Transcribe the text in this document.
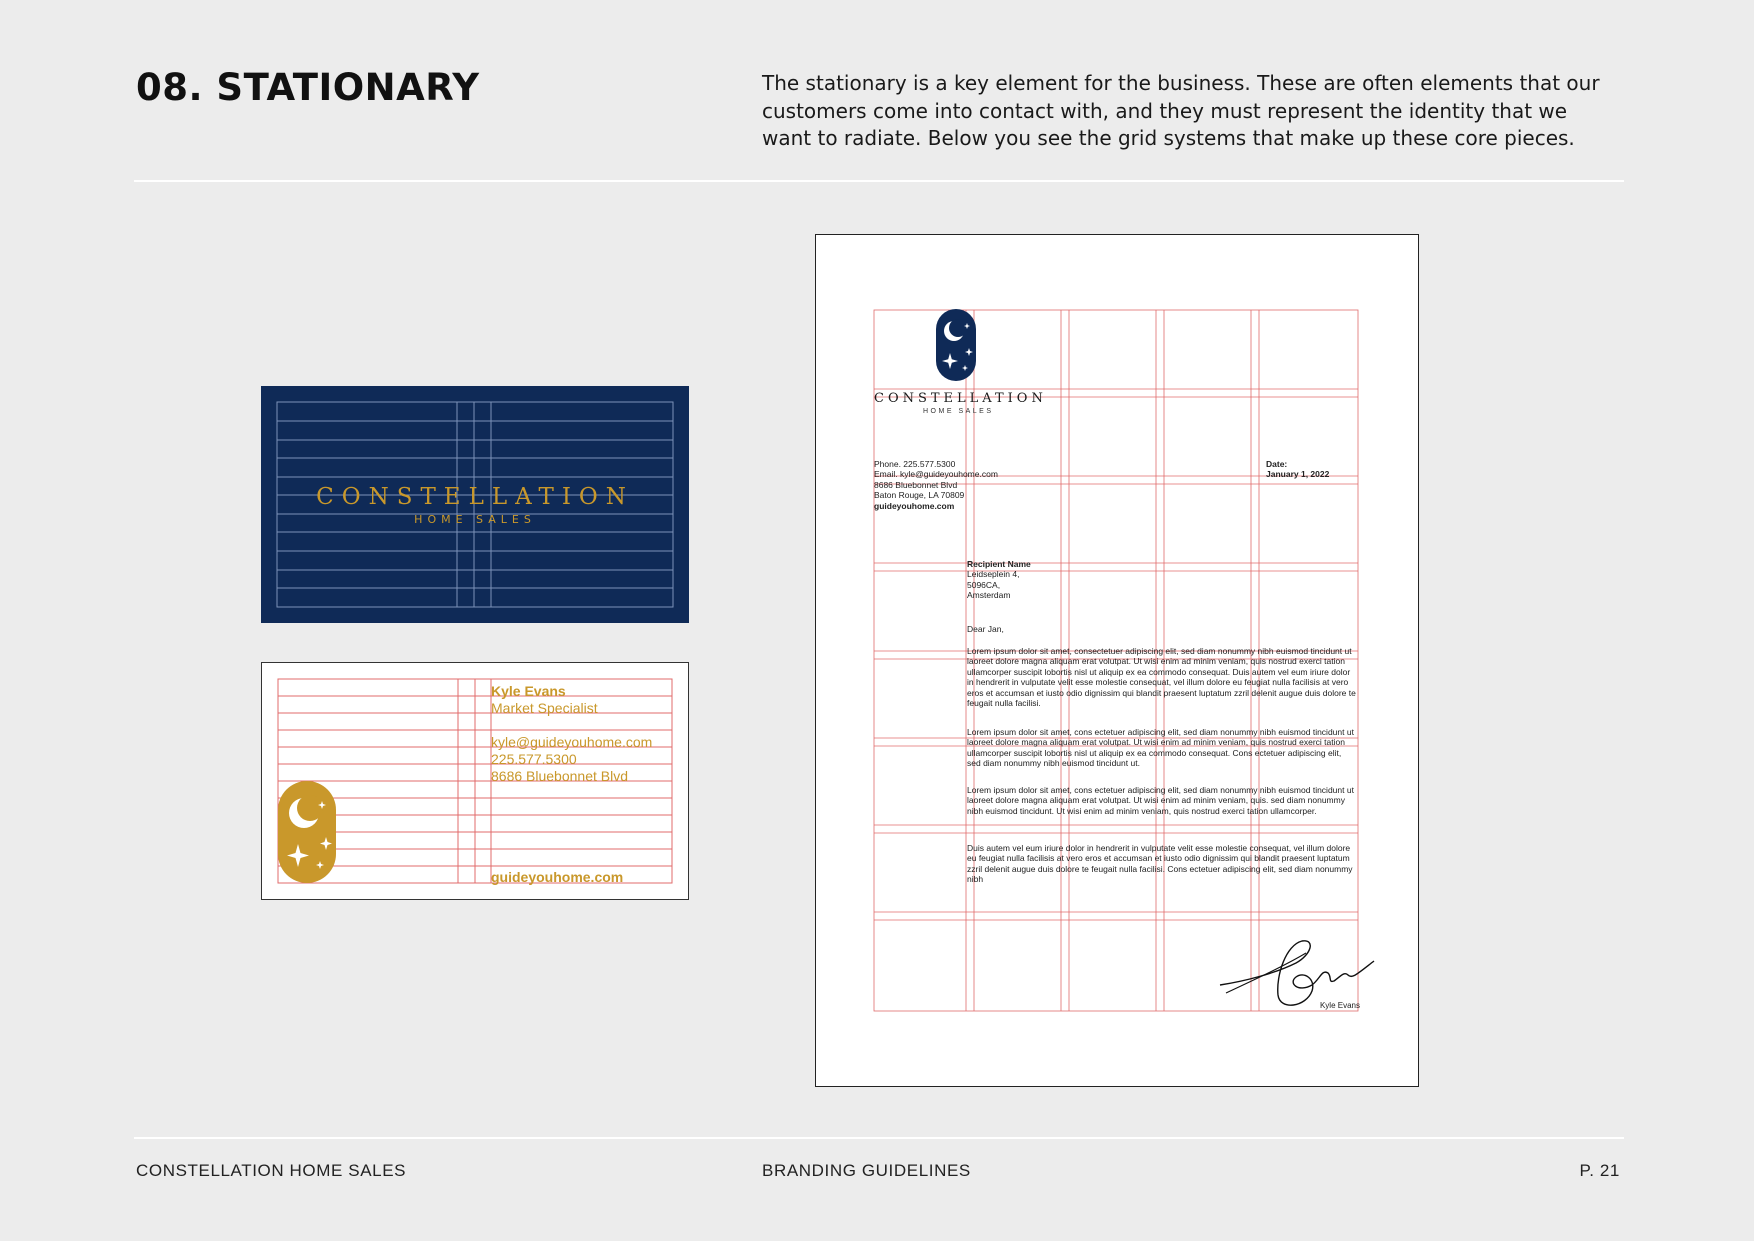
08. STATIONARY	The stationary is a key element for the business. These are often elements that our customers come into contact with, and they must represent the identity that we want to radiate. Below you see the grid systems that make up these core pieces.

CONSTELLATION
HOME SALES
Kyle Evans
Market Specialist
kyle@guideyouhome.com
225.577.5300
8686 Bluebonnet Blvd
guideyouhome.com
CONSTELLATION
HOME SALES
Phone. 225.577.5300
Email. kyle@guideyouhome.com
8686 Bluebonnet Blvd
Baton Rouge, LA 70809
guideyouhome.com
Date:
January 1, 2022
Recipient Name
Leidseplein 4,
5096CA,
Amsterdam
Dear Jan,

Lorem ipsum dolor sit amet, consectetuer adipiscing elit, sed diam nonummy nibh euismod tincidunt ut laoreet dolore magna aliquam erat volutpat. Ut wisi enim ad minim veniam, quis nostrud exerci tation ullamcorper suscipit lobortis nisl ut aliquip ex ea commodo consequat. Duis autem vel eum iriure dolor in hendrerit in vulputate velit esse molestie consequat, vel illum dolore eu feugiat nulla facilisis at vero eros et accumsan et iusto odio dignissim qui blandit praesent luptatum zzril delenit augue duis dolore te feugait nulla facilisi.

Lorem ipsum dolor sit amet, cons ectetuer adipiscing elit, sed diam nonummy nibh euismod tincidunt ut laoreet dolore magna aliquam erat volutpat. Ut wisi enim ad minim veniam, quis nostrud exerci tation ullamcorper suscipit lobortis nisl ut aliquip ex ea commodo consequat. Cons ectetuer adipiscing elit, sed diam nonummy nibh euismod tincidunt ut.

Lorem ipsum dolor sit amet, cons ectetuer adipiscing elit, sed diam nonummy nibh euismod tincidunt ut laoreet dolore magna aliquam erat volutpat. Ut wisi enim ad minim veniam, quis. sed diam nonummy nibh euismod tincidunt. Ut wisi enim ad minim veniam, quis nostrud exerci tation ullamcorper.

Duis autem vel eum iriure dolor in hendrerit in vulputate velit esse molestie consequat, vel illum dolore eu feugiat nulla facilisis at vero eros et accumsan et iusto odio dignissim qui blandit praesent luptatum zzril delenit augue duis dolore te feugait nulla facilisi. Cons ectetuer adipiscing elit, sed diam nonummy nibh

Kyle Evans

CONSTELLATION HOME SALES	BRANDING GUIDELINES	P. 21
